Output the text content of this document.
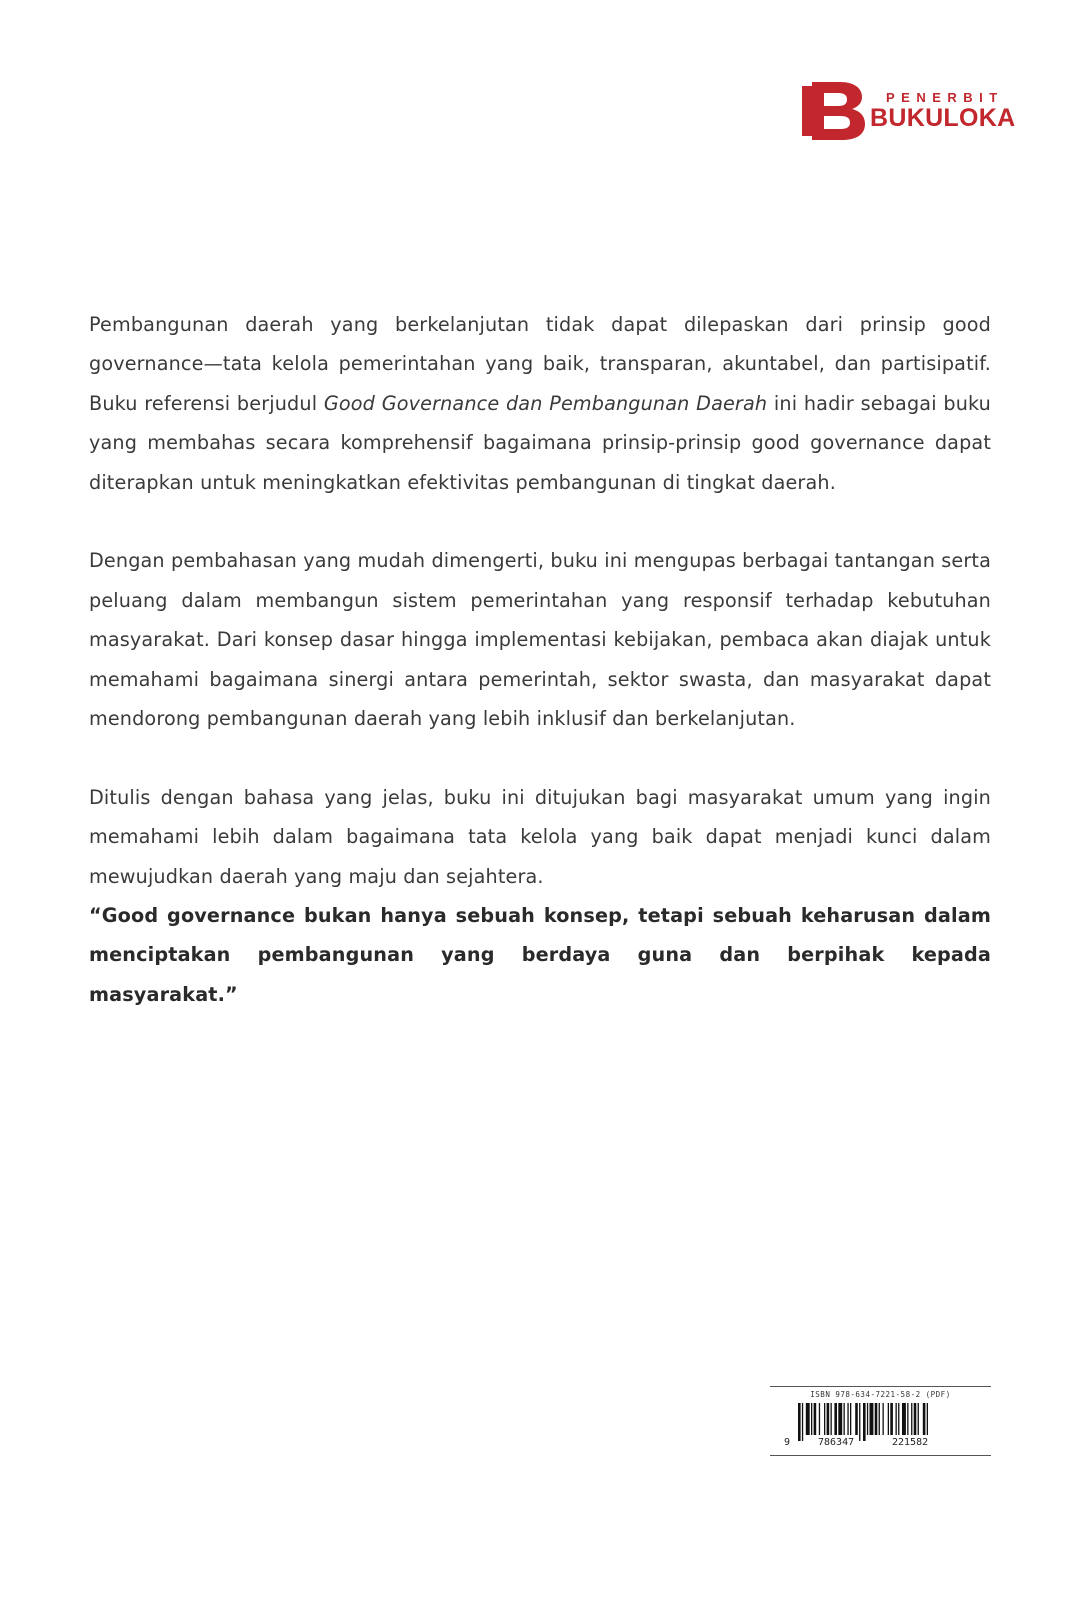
PENERBIT
BUKULOKA

Pembangunan daerah yang berkelanjutan tidak dapat dilepaskan dari prinsip good governance—tata kelola pemerintahan yang baik, transparan, akuntabel, dan partisipatif. Buku referensi berjudul Good Governance dan Pembangunan Daerah ini hadir sebagai buku yang membahas secara komprehensif bagaimana prinsip-prinsip good governance dapat diterapkan untuk meningkatkan efektivitas pembangunan di tingkat daerah.

Dengan pembahasan yang mudah dimengerti, buku ini mengupas berbagai tantangan serta peluang dalam membangun sistem pemerintahan yang responsif terhadap kebutuhan masyarakat. Dari konsep dasar hingga implementasi kebijakan, pembaca akan diajak untuk memahami bagaimana sinergi antara pemerintah, sektor swasta, dan masyarakat dapat mendorong pembangunan daerah yang lebih inklusif dan berkelanjutan.

Ditulis dengan bahasa yang jelas, buku ini ditujukan bagi masyarakat umum yang ingin memahami lebih dalam bagaimana tata kelola yang baik dapat menjadi kunci dalam mewujudkan daerah yang maju dan sejahtera.

“Good governance bukan hanya sebuah konsep, tetapi sebuah keharusan dalam menciptakan pembangunan yang berdaya guna dan berpihak kepada masyarakat.”

ISBN 978-634-7221-58-2 (PDF)
9	786347	221582
